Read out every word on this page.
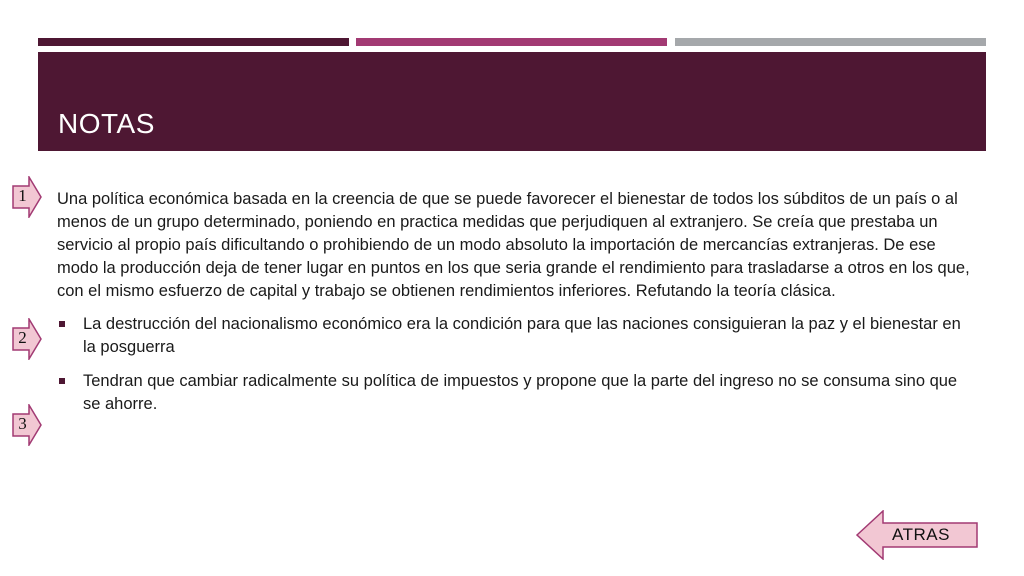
NOTAS
1
2
3

Una política económica basada en la creencia de que se puede favorecer el bienestar de todos los súbditos de un país o al menos de un grupo determinado, poniendo en practica medidas que perjudiquen al extranjero. Se creía que prestaba un servicio al propio país dificultando o prohibiendo de un modo absoluto la importación de mercancías extranjeras. De ese modo la producción deja de tener lugar en puntos en los que seria grande el rendimiento para trasladarse a otros en los que, con el mismo esfuerzo de capital y trabajo se obtienen rendimientos inferiores. Refutando la teoría clásica.

La destrucción del nacionalismo económico era la condición para que las naciones consiguieran la paz y el bienestar en la posguerra
Tendran que cambiar radicalmente su política de impuestos y propone que la parte del ingreso no se consuma sino que se ahorre.
ATRAS
